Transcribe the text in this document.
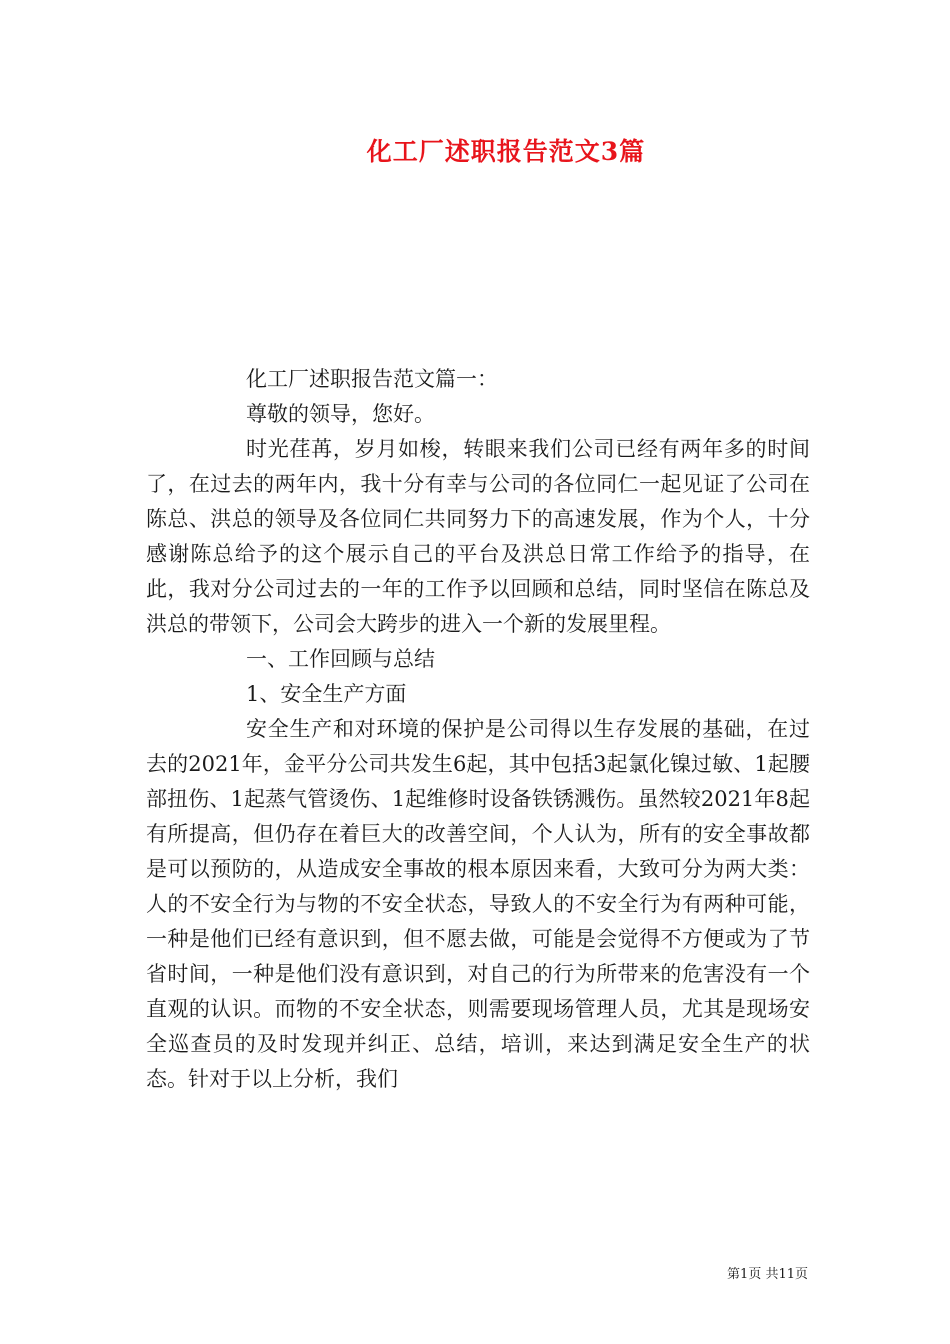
化工厂述职报告范文3篇

化工厂述职报告范文篇一：

尊敬的领导，您好。

时光荏苒，岁月如梭，转眼来我们公司已经有两年多的时间了，在过去的两年内，我十分有幸与公司的各位同仁一起见证了公司在陈总、洪总的领导及各位同仁共同努力下的高速发展，作为个人，十分感谢陈总给予的这个展示自己的平台及洪总日常工作给予的指导，在此，我对分公司过去的一年的工作予以回顾和总结，同时坚信在陈总及洪总的带领下，公司会大跨步的进入一个新的发展里程。

一、工作回顾与总结

1、安全生产方面

安全生产和对环境的保护是公司得以生存发展的基础，在过去的2021年，金平分公司共发生6起，其中包括3起氯化镍过敏、1起腰部扭伤、1起蒸气管烫伤、1起维修时设备铁锈溅伤。虽然较2021年8起有所提高，但仍存在着巨大的改善空间，个人认为，所有的安全事故都是可以预防的，从造成安全事故的根本原因来看，大致可分为两大类：人的不安全行为与物的不安全状态，导致人的不安全行为有两种可能，一种是他们已经有意识到，但不愿去做，可能是会觉得不方便或为了节省时间，一种是他们没有意识到，对自己的行为所带来的危害没有一个直观的认识。而物的不安全状态，则需要现场管理人员，尤其是现场安全巡查员的及时发现并纠正、总结，培训，来达到满足安全生产的状态。针对于以上分析，我们

第1页 共11页
